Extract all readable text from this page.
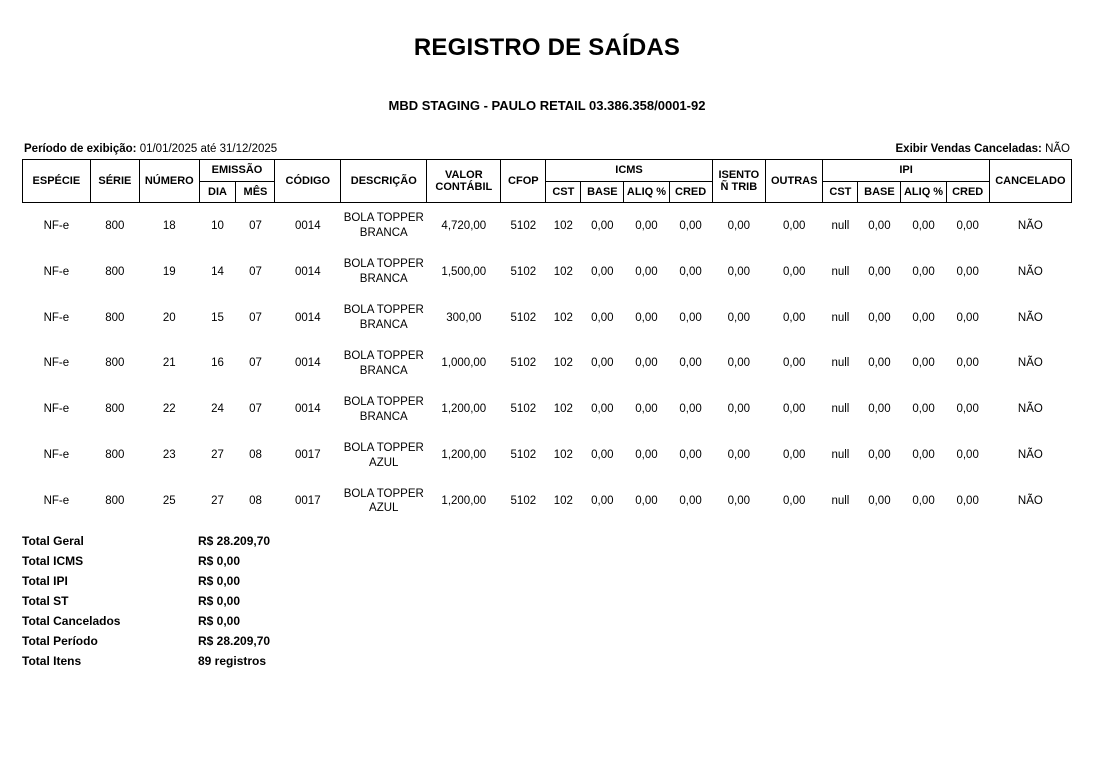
REGISTRO DE SAÍDAS
MBD STAGING - PAULO RETAIL 03.386.358/0001-92
Período de exibição: 01/01/2025 até 31/12/2025	Exibir Vendas Canceladas: NÃO
ESPÉCIE	SÉRIE	NÚMERO	EMISSÃO		CÓDIGO	DESCRIÇÃO	VALOR CONTÁBIL	CFOP	ICMS				ISENTO Ñ TRIB	OUTRAS	IPI				CANCELADO
			DIA	MÊS					CST	BASE	ALIQ %	CRED			CST	BASE	ALIQ %	CRED	
NF-e	800	18	10	07	0014	BOLA TOPPER BRANCA	4,720,00	5102	102	0,00	0,00	0,00	0,00	0,00	null	0,00	0,00	0,00	NÃO
NF-e	800	19	14	07	0014	BOLA TOPPER BRANCA	1,500,00	5102	102	0,00	0,00	0,00	0,00	0,00	null	0,00	0,00	0,00	NÃO
NF-e	800	20	15	07	0014	BOLA TOPPER BRANCA	300,00	5102	102	0,00	0,00	0,00	0,00	0,00	null	0,00	0,00	0,00	NÃO
NF-e	800	21	16	07	0014	BOLA TOPPER BRANCA	1,000,00	5102	102	0,00	0,00	0,00	0,00	0,00	null	0,00	0,00	0,00	NÃO
NF-e	800	22	24	07	0014	BOLA TOPPER BRANCA	1,200,00	5102	102	0,00	0,00	0,00	0,00	0,00	null	0,00	0,00	0,00	NÃO
NF-e	800	23	27	08	0017	BOLA TOPPER AZUL	1,200,00	5102	102	0,00	0,00	0,00	0,00	0,00	null	0,00	0,00	0,00	NÃO
NF-e	800	25	27	08	0017	BOLA TOPPER AZUL	1,200,00	5102	102	0,00	0,00	0,00	0,00	0,00	null	0,00	0,00	0,00	NÃO
Total Geral	R$ 28.209,70
Total ICMS	R$ 0,00
Total IPI	R$ 0,00
Total ST	R$ 0,00
Total Cancelados	R$ 0,00
Total Período	R$ 28.209,70
Total Itens	89 registros
